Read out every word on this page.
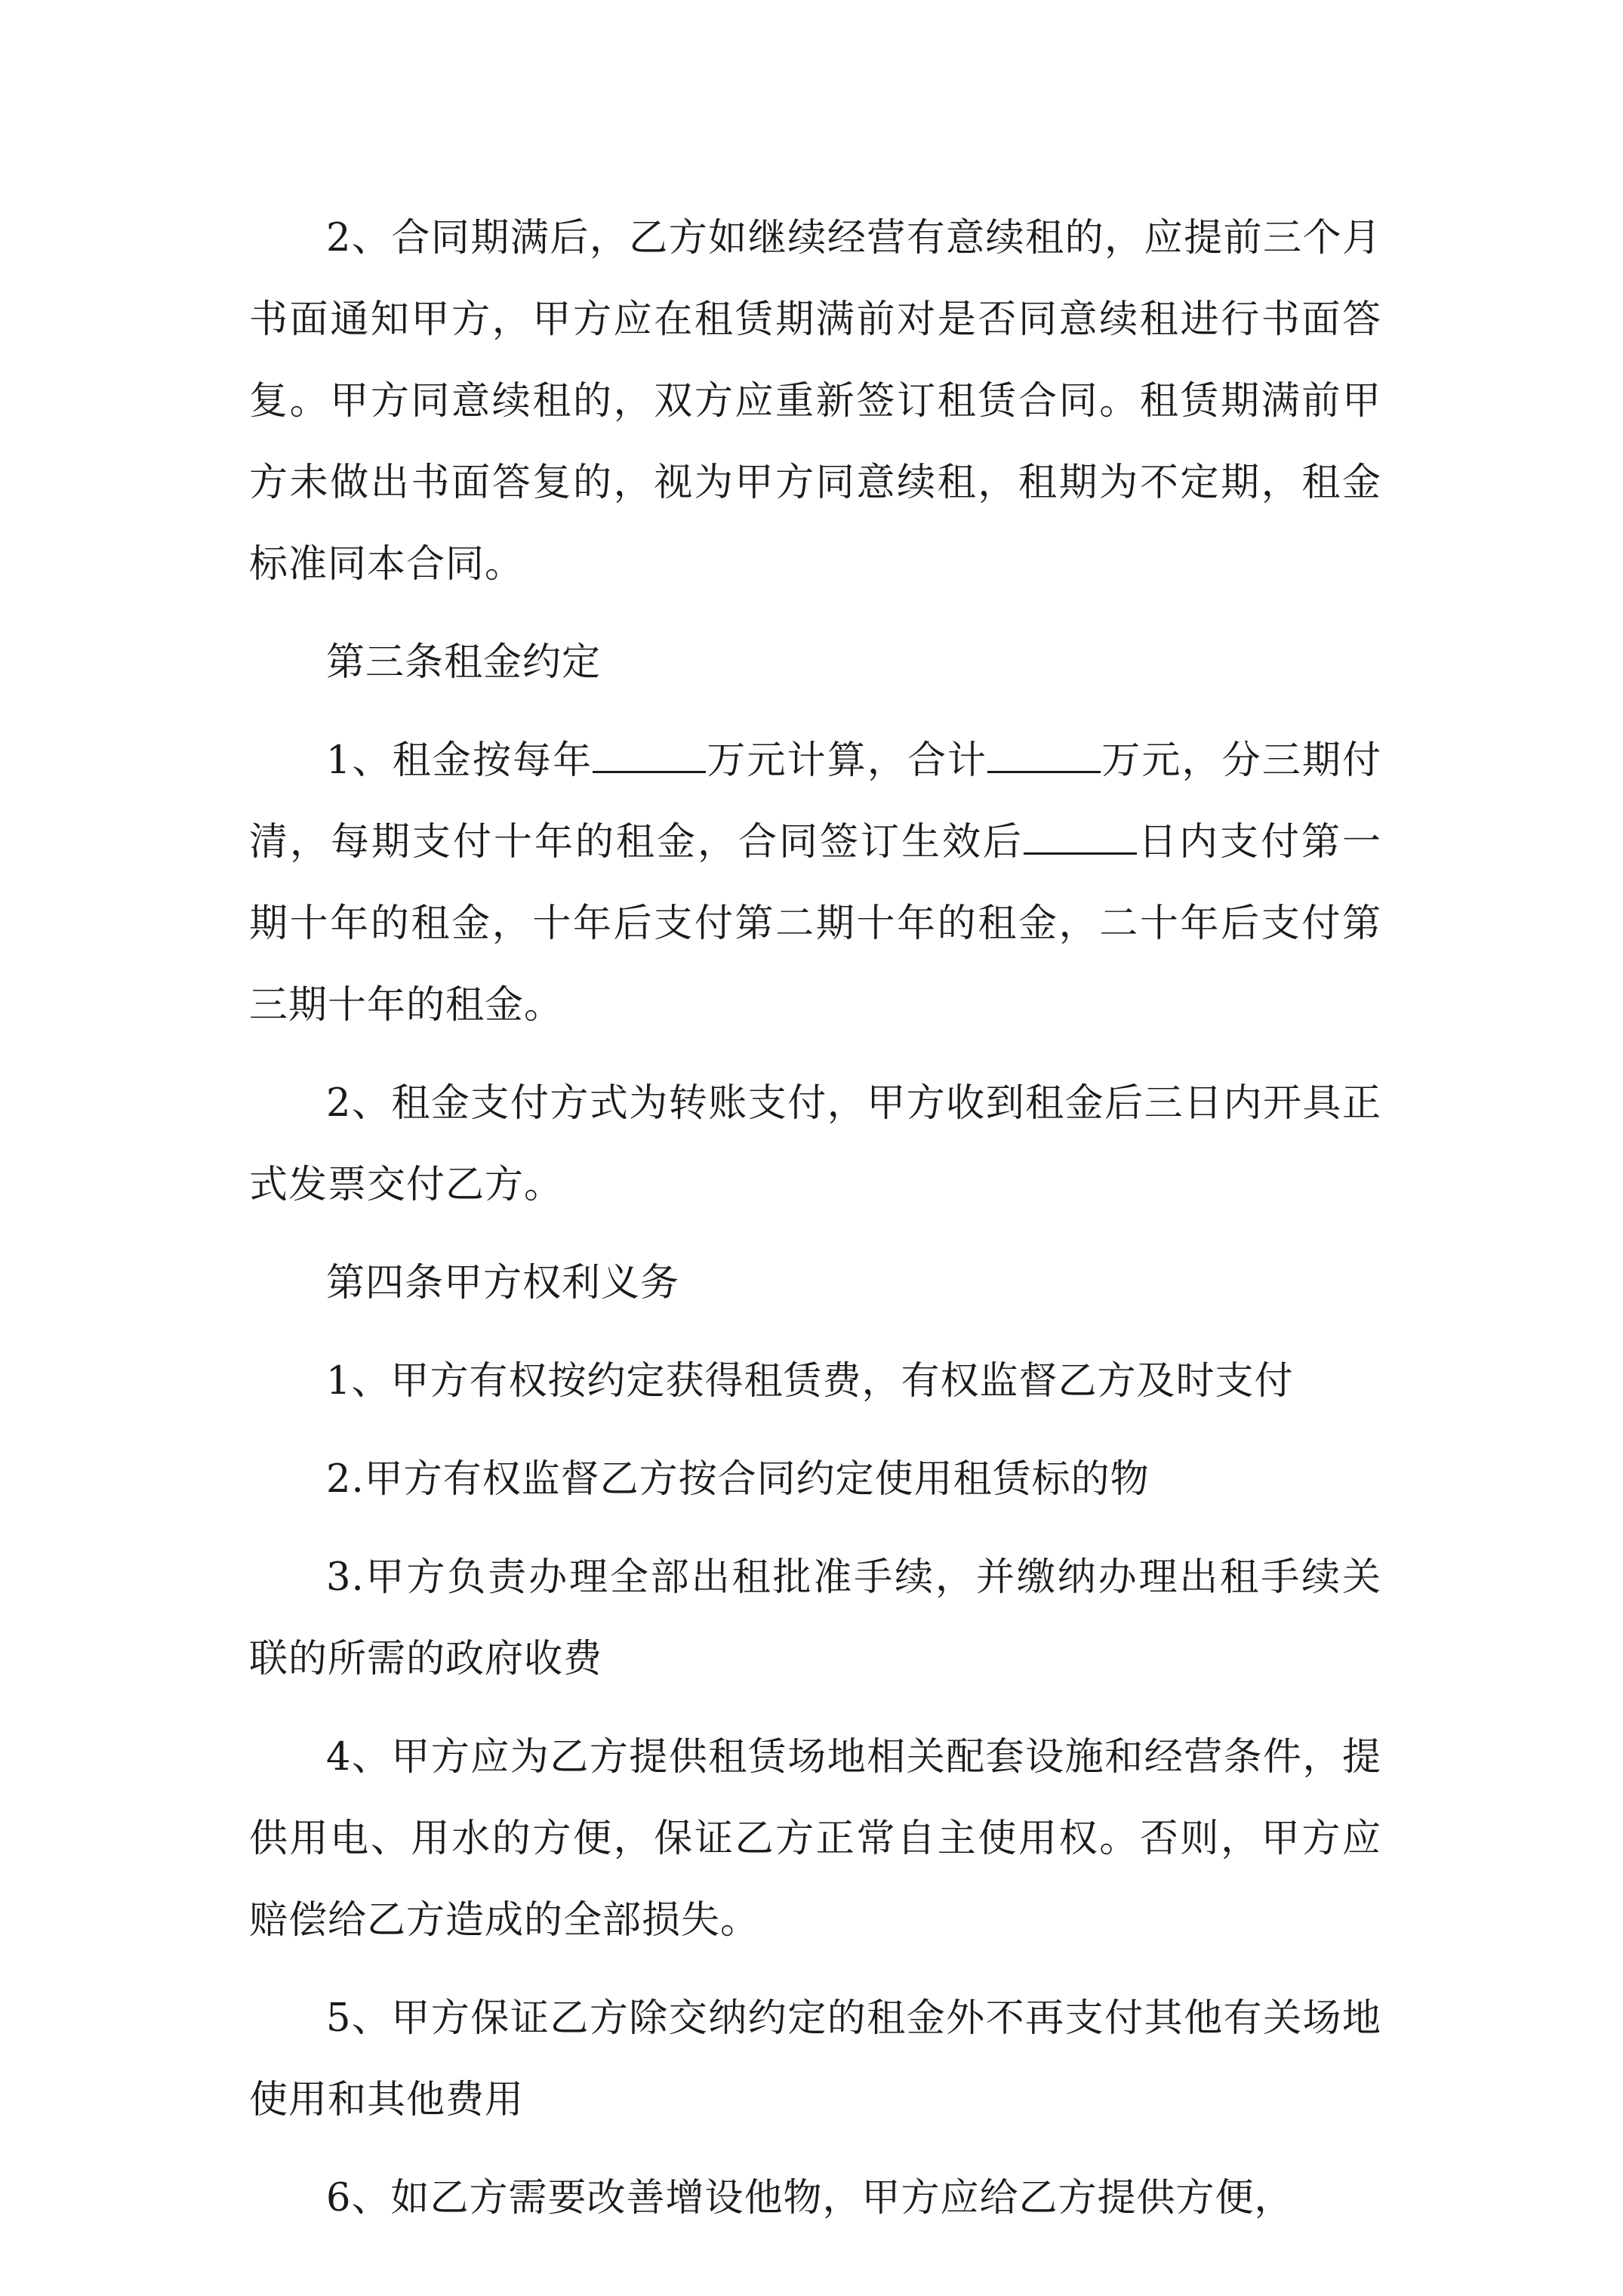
2、合同期满后，乙方如继续经营有意续租的，应提前三个月书面通知甲方，甲方应在租赁期满前对是否同意续租进行书面答复。甲方同意续租的，双方应重新签订租赁合同。租赁期满前甲方未做出书面答复的，视为甲方同意续租，租期为不定期，租金标准同本合同。

第三条租金约定

1、租金按每年	万元计算，合计	万元，分三期付清，每期支付十年的租金，合同签订生效后	日内支付第一期十年的租金，十年后支付第二期十年的租金，二十年后支付第三期十年的租金。

2、租金支付方式为转账支付，甲方收到租金后三日内开具正式发票交付乙方。

第四条甲方权利义务

1、甲方有权按约定获得租赁费，有权监督乙方及时支付

2.甲方有权监督乙方按合同约定使用租赁标的物

3.甲方负责办理全部出租批准手续，并缴纳办理出租手续关联的所需的政府收费

4、甲方应为乙方提供租赁场地相关配套设施和经营条件，提供用电、用水的方便，保证乙方正常自主使用权。否则，甲方应赔偿给乙方造成的全部损失。

5、甲方保证乙方除交纳约定的租金外不再支付其他有关场地使用和其他费用

6、如乙方需要改善增设他物，甲方应给乙方提供方便，
